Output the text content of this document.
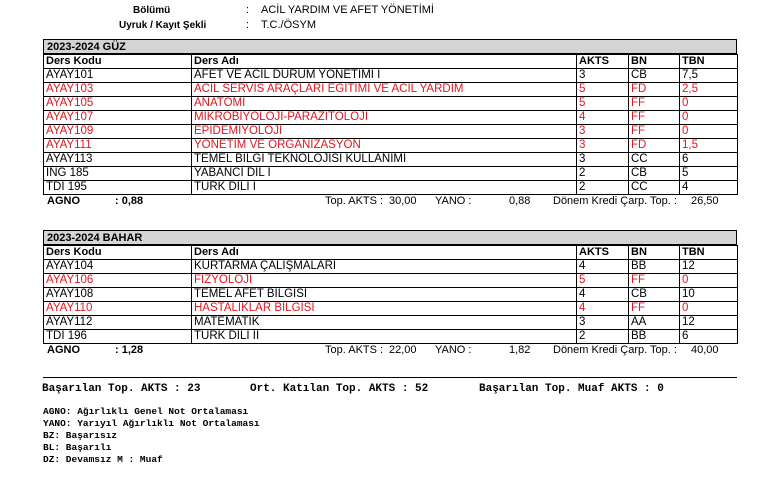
Bölümü	: ACİL YARDIM VE AFET YÖNETİMİ
Uyruk / Kayıt Şekli	: T.C./ÖSYM
2023-2024 GÜZ
Ders Kodu	Ders Adı	AKTS	BN	TBN
AYAY101	AFET VE ACİL DURUM YÖNETİMİ I	3	CB	7,5
AYAY103	ACİL SERVİS ARAÇLARI EĞİTİMİ VE ACİL YARDIM	5	FD	2,5
AYAY105	ANATOMİ	5	FF	0
AYAY107	MİKROBİYOLOJİ-PARAZİTOLOJİ	4	FF	0
AYAY109	EPİDEMİYOLOJİ	3	FF	0
AYAY111	YÖNETİM VE ORGANİZASYON	3	FD	1,5
AYAY113	TEMEL BİLGİ TEKNOLOJİSİ KULLANIMI	3	CC	6
İNG 185	YABANCI DİL I	2	CB	5
TDİ 195	TÜRK DİLİ I	2	CC	4
AGNO	: 0,88	Top. AKTS : 30,00 YANO :	0,88 Dönem Kredi Çarp. Top. : 26,50
2023-2024 BAHAR
Ders Kodu	Ders Adı	AKTS	BN	TBN
AYAY104	KURTARMA ÇALIŞMALARI	4	BB	12
AYAY106	FİZYOLOJİ	5	FF	0
AYAY108	TEMEL AFET BİLGİSİ	4	CB	10
AYAY110	HASTALIKLAR BİLGİSİ	4	FF	0
AYAY112	MATEMATİK	3	AA	12
TDİ 196	TÜRK DİLİ II	2	BB	6
AGNO	: 1,28	Top. AKTS : 22,00 YANO :	1,82 Dönem Kredi Çarp. Top. : 40,00
Başarılan Top. AKTS : 23	Ort. Katılan Top. AKTS : 52	Başarılan Top. Muaf AKTS : 0
AGNO: Ağırlıklı Genel Not Ortalaması
YANO: Yarıyıl Ağırlıklı Not Ortalaması
BZ: Başarısız
BL: Başarılı
DZ: Devamsız M : Muaf
